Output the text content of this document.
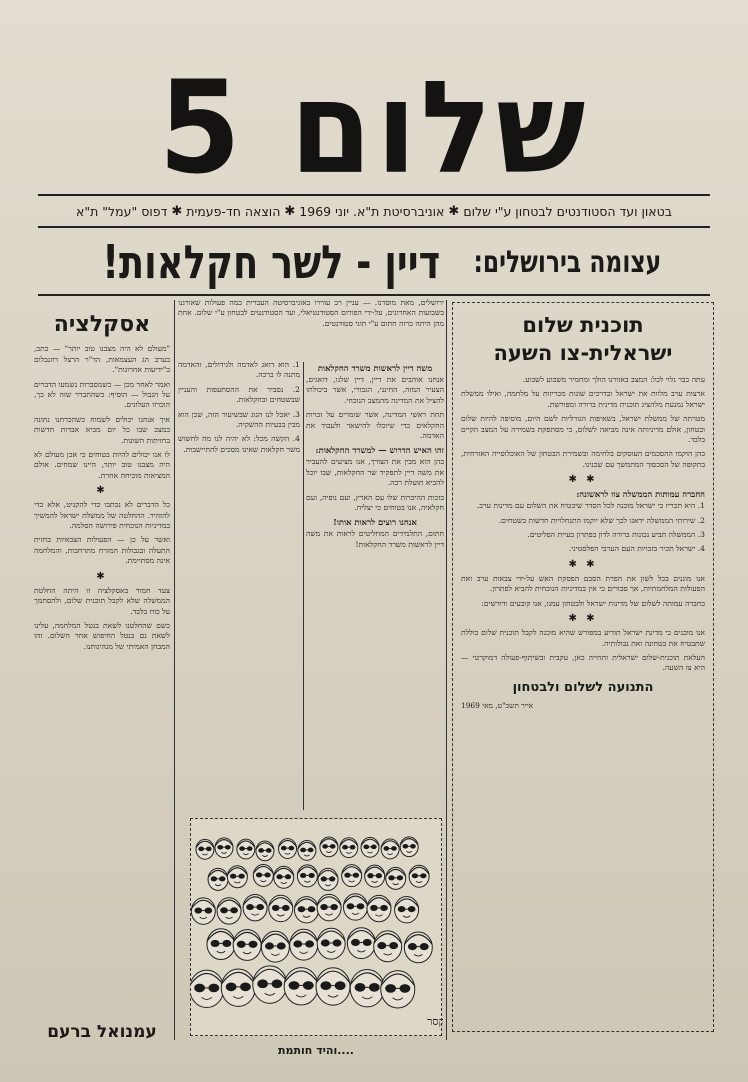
שלום 5
בטאון ועד הסטודנטים לבטחון ע"י שלום
✱
אוניברסיטת ת"א. יוני 1969
✱
הוצאה חד-פעמית
✱
דפוס "עמל" ת"א
עצומה בירושלים:

דיין - לשר חקלאות!
תוכנית שלום
ישראלית-צו השעה

עתה כבר גלוי לכל: המצב באזורנו הולך ומחמיר משבוע לשבוע.

ארצות ערב מלוות את ישראל ובדרכים שונות מכריזות על מלחמה, ואילו ממשלת ישראל נמנעת מלהציג תוכנית מדינית ברורה ומפורשת.

מטרתה של ממשלת ישראל, בשאיפות הגורליות לשם היום, מוסיפה להיות שלום ובטחון, אולם מדיניותה אינה מביאה לשלום, כי מסתפקת בשמירה על המצב הקיים בלבד.

בהן הוקמו ההסכמים העוסקים בלחימה ובשמירת הבטחון של האוכלוסייה האזרחית, בתקופה של הסכסוך המתמשך עם שכנינו.

✱ ✱
החברה עמותות הממשלה צוו לראשונה:

1. היא תכריז כי ישראל מוכנה לכל הסדר שיבטיח את השלום עם מדינות ערב.

2. שירותי הממשלה ידאגו לכך שלא יוקמו התנחלויות חדשות בשטחים.

3. הממשלה תביע נכונות ברורה לדון בפתרון בעיית הפליטים.

4. ישראל תכיר בזכויות העם הערבי הפלסטיני.

✱ ✱

אנו מוגנים בכל לשון את הפרת הסכם הפסקת האש על-ידי צבאות ערב ואת הפעולות המלחמתיות, אך סבורים כי אין במדיניות הנוכחית להביא לפתרון.

בחברה עמותה לשלום של מדינות ישראל ולבטחון עמנו, אנו קובעים ודורשים:

✱ ✱

אנו מוכנים כי מדינת ישראל תודיע במפורש שהיא מוכנה לקבל תוכנית שלום כוללת שתבטיח את בטחונה ואת גבולותיה.

העלאת תוכנית-שלום ישראלית ותחייה כאן, עקבית ובשיתוף-פעולה דמוקרטי — היא צו השעה.

התנועה לשלום ולבטחון
אייר תשכ"ט, מאי 1969

ירושלים, מאת מוסרנו. — עניין רב עוררו באוניברסיטה העברית כמה פעולות שאורגנו בשבועות האחרונים, על-ידי הפורום הסטודנטיאלי, ועד הסטודנטים לבטחון ע"י שלום. אחת מהן היתה כרזה חתום ע"י חוגי סטודנטים.

משה דיין לראשות משרד החקלאות

אנחנו אוהבים את דיין, דיין שלנו, דואגים, הצעיר המזה, החינני, הגבורי, אשר ביכולתו להציל את המדינה מהמצב הנוכחי.

תחת ראשי המדינה, אשר שומרים על זכויות החקלאים כדי שיוכלו להישאר ולעבוד את האדמה.

זהו האיש הדרוש — למשרד החקלאות:

בהן הוא מבין את הצורך, אנו מציעים להעביר את משה דיין לתפקיד שר החקלאות, שבו יוכל להביא תועלת רבה.

בזכות ההיכרות שלו עם הארץ, ועם נופיה, ועם חקלאיה, אנו בטוחים כי יצליח.

אנחנו רוצים לראות אותו!

חתום, התלמידים המחליטים לראות את משה דיין לראשות משרד החקלאות!

1. הוא דואג לאדמה ולגידולים, והאדמה מתנה לו ברכה.

2. נסביר את ההסתעפות והעניין שבשטחים ובחקלאות.

3. יאכל לנו הגוג שבשיעור הזה, שכן הוא מבין בבעיות ההשקיה.

4. הקשה מכל: לא יהיה לנו מה לחשוש משר חקלאות שאינו מסכים להתיישבות.

קסר
....והיד חותמת
אסקלציה

"מעולם לא היה מצבנו טוב יותר" — כתב, בערב הג העצמאות, הד"ר הרצל רוזנבלום ב"ידיעות אחרונות".

ואמר לאחר מכן — כשמסברות נשמעו הדברים על הגבול — הוסיף: כשהתברר שזה לא כך, הוכרזו העלונים.

איך אנחנו יכולים לשמוח כשהכרתנו נתונה במצב שבו כל יום מביא אבדות חדשות בחזיתות השונות.

לו אנו יכולים להיות בטוחים כי אכן מעולם לא היה מצבנו טוב יותר, היינו שמחים. אולם המציאות מוכיחה אחרת.

✱

כל הדברים לא נכתבו כדי להקניט, אלא כדי להזהיר. ההחלטה של ממשלת ישראל להמשיך במדיניות הנוכחית פירושה הסלמה.

ואשר על כן — הפעולות הצבאיות בחזית התעלה ובגבולות המזרח מתרחבות, והמלחמה אינה מסתיימת.

✱

צעד חמור באסקלציה זו היתה החלטת הממשלה שלא לקבל תוכנית שלום, ולהסתמך על כוח בלבד.

כשם שהחלטנו לשאת בנטל המלחמה, עלינו לשאת גם בנטל החיפוש אחר השלום. זהו המבחן האמיתי של מנהיגותנו.

עמנואל ברעם
